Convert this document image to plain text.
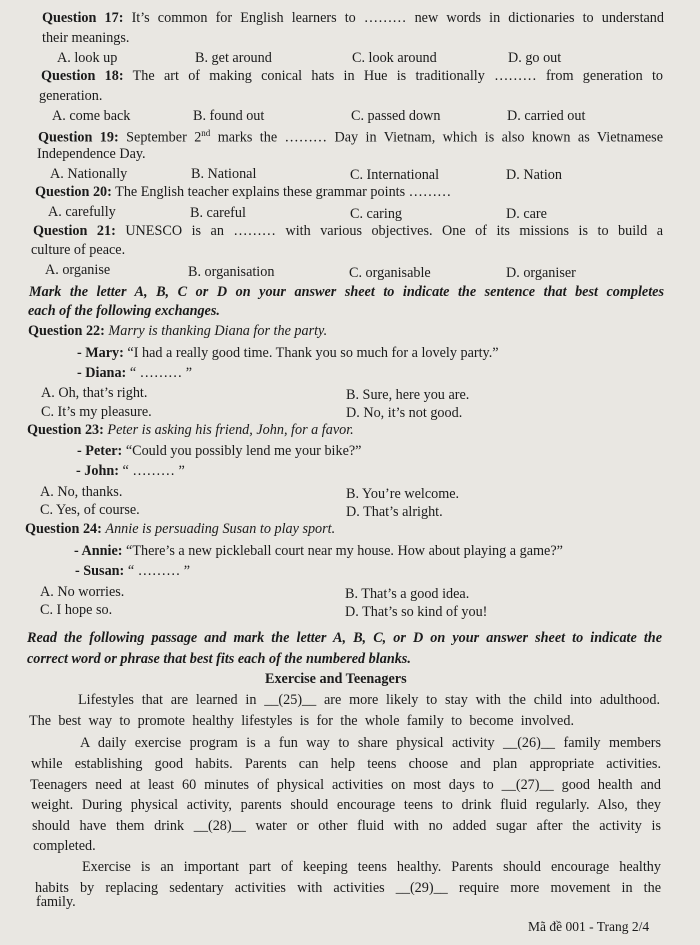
Question 17: It’s common for English learners to ……… new words in dictionaries to understand
their meanings.
A. look up	B. get around	C. look around	D. go out
Question 18: The art of making conical hats in Hue is traditionally ……… from generation to
generation.
A. come back	B. found out	C. passed down	D. carried out
Question 19: September 2nd marks the ……… Day in Vietnam, which is also known as Vietnamese
Independence Day.
A. Nationally	B. National	C. International	D. Nation
Question 20: The English teacher explains these grammar points ………
A. carefully	B. careful	C. caring	D. care
Question 21: UNESCO is an ……… with various objectives. One of its missions is to build a
culture of peace.
A. organise	B. organisation	C. organisable	D. organiser
Mark the letter A, B, C or D on your answer sheet to indicate the sentence that best completes
each of the following exchanges.
Question 22: Marry is thanking Diana for the party.
- Mary: “I had a really good time. Thank you so much for a lovely party.”
- Diana: “ ……… ”
A. Oh, that’s right.	B. Sure, here you are.
C. It’s my pleasure.	D. No, it’s not good.
Question 23: Peter is asking his friend, John, for a favor.
- Peter: “Could you possibly lend me your bike?”
- John: “ ……… ”
A. No, thanks.	B. You’re welcome.
C. Yes, of course.	D. That’s alright.
Question 24: Annie is persuading Susan to play sport.
- Annie: “There’s a new pickleball court near my house. How about playing a game?”
- Susan: “ ……… ”
A. No worries.	B. That’s a good idea.
C. I hope so.	D. That’s so kind of you!
Read the following passage and mark the letter A, B, C, or D on your answer sheet to indicate the
correct word or phrase that best fits each of the numbered blanks.
Exercise and Teenagers
Lifestyles that are learned in __(25)__ are more likely to stay with the child into adulthood.
The best way to promote healthy lifestyles is for the whole family to become involved.
A daily exercise program is a fun way to share physical activity __(26)__ family members
while establishing good habits. Parents can help teens choose and plan appropriate activities.
Teenagers need at least 60 minutes of physical activities on most days to __(27)__ good health and
weight. During physical activity, parents should encourage teens to drink fluid regularly. Also, they
should have them drink __(28)__ water or other fluid with no added sugar after the activity is
completed.
Exercise is an important part of keeping teens healthy. Parents should encourage healthy
habits by replacing sedentary activities with activities __(29)__ require more movement in the
family.
Mã đề 001 - Trang 2/4
